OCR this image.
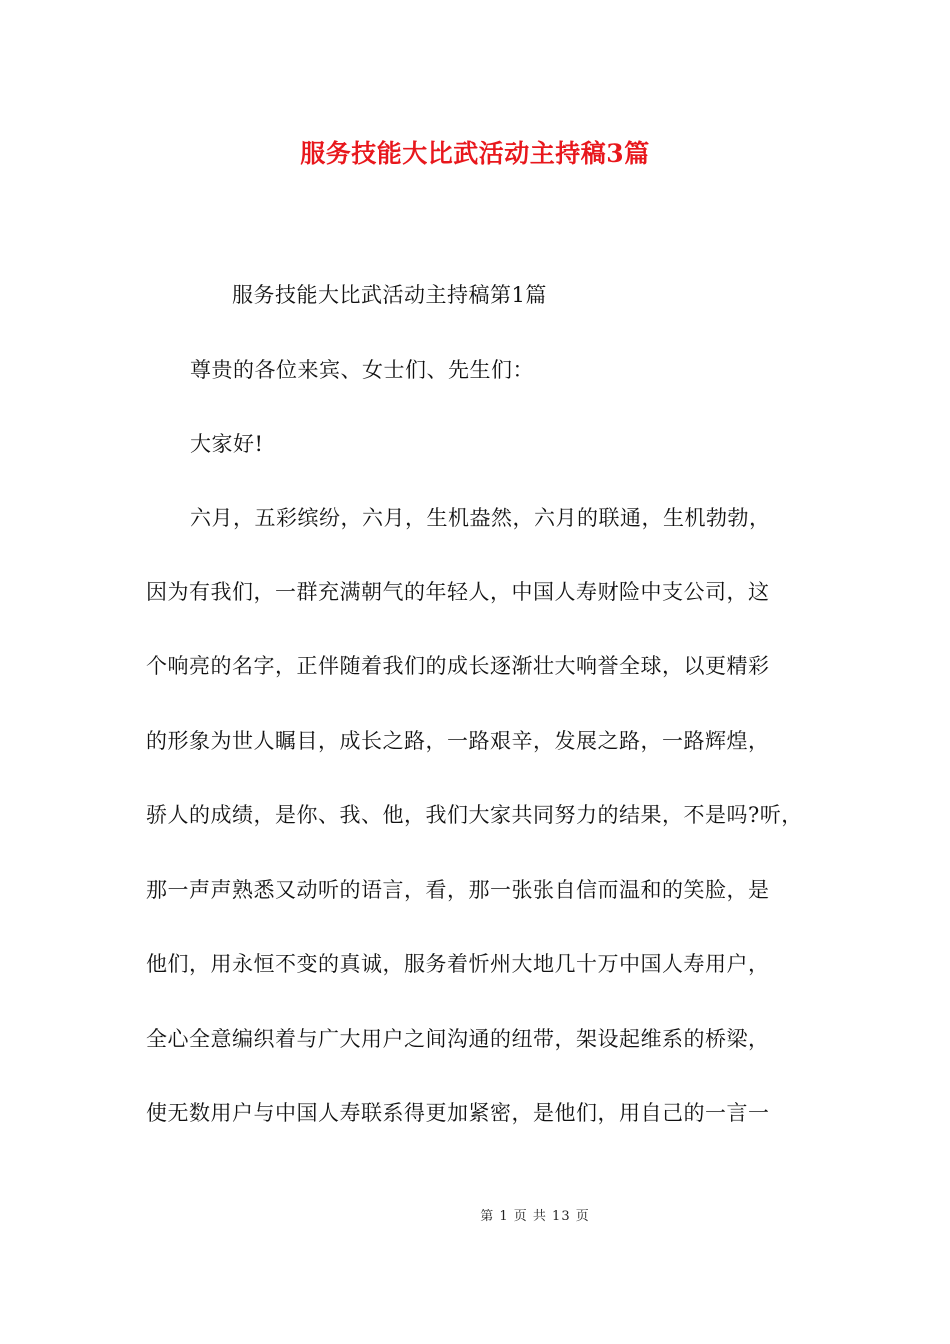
服务技能大比武活动主持稿3篇
服务技能大比武活动主持稿第1篇
尊贵的各位来宾、女士们、先生们：
大家好!
六月，五彩缤纷，六月，生机盎然，六月的联通，生机勃勃，
因为有我们，一群充满朝气的年轻人，中国人寿财险中支公司，这
个响亮的名字，正伴随着我们的成长逐渐壮大响誉全球，以更精彩
的形象为世人瞩目，成长之路，一路艰辛，发展之路，一路辉煌，
骄人的成绩，是你、我、他，我们大家共同努力的结果，不是吗?听，
那一声声熟悉又动听的语言，看，那一张张自信而温和的笑脸，是
他们，用永恒不变的真诚，服务着忻州大地几十万中国人寿用户，
全心全意编织着与广大用户之间沟通的纽带，架设起维系的桥梁，
使无数用户与中国人寿联系得更加紧密，是他们，用自己的一言一
第 1 页 共 13 页
